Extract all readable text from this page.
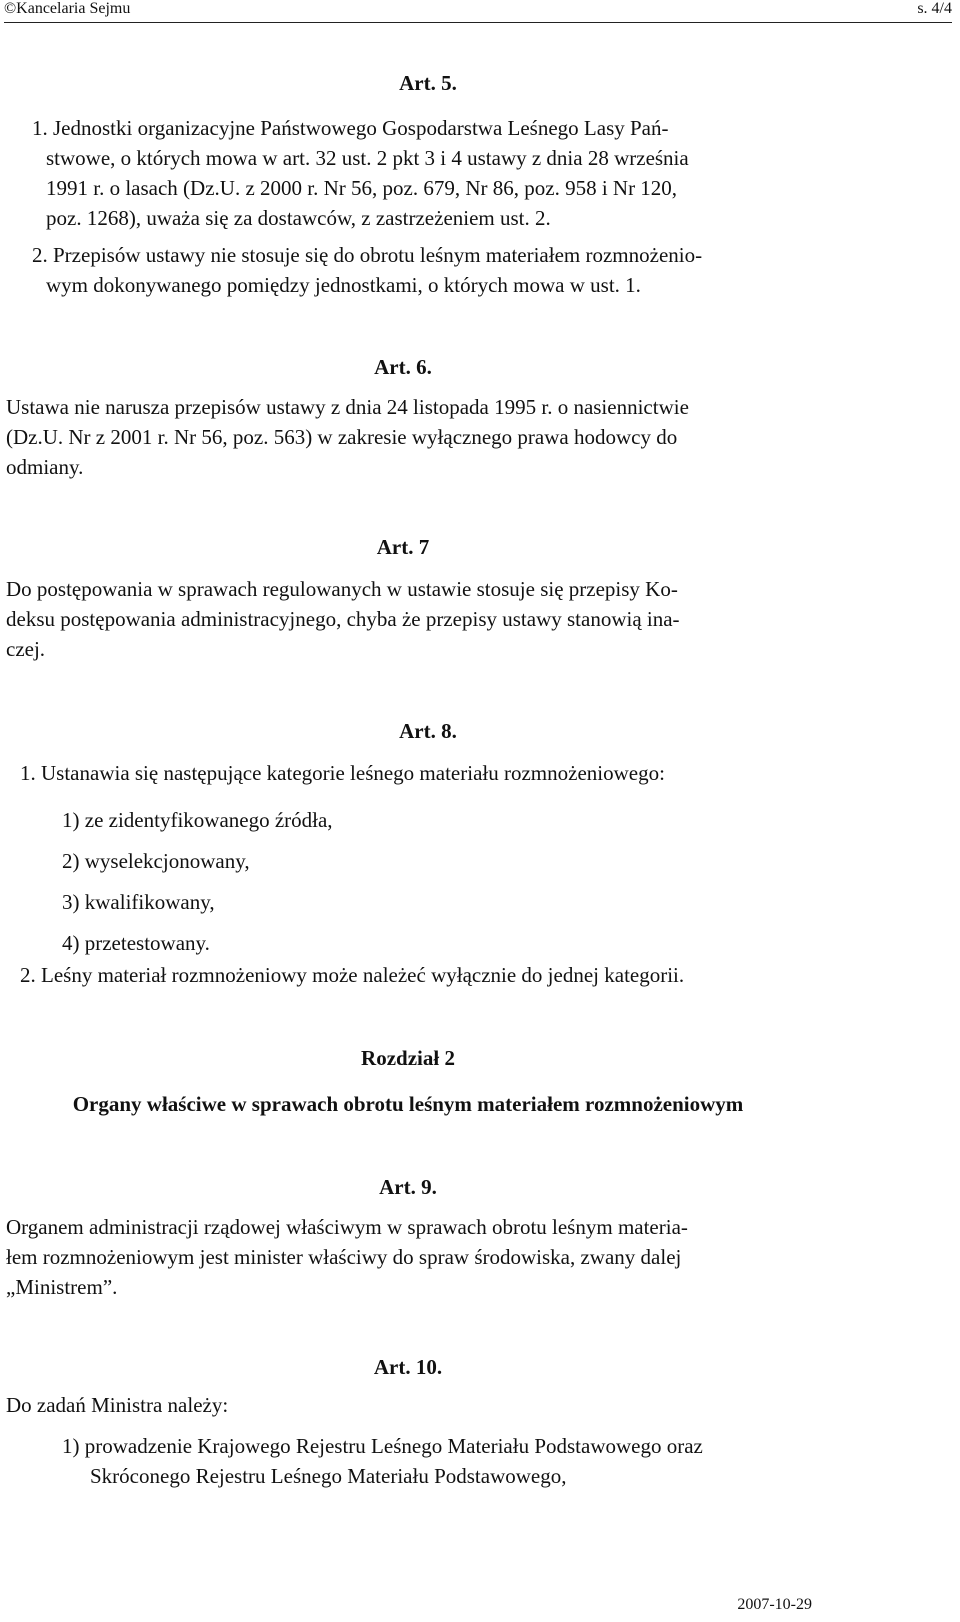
©Kancelaria Sejmu	s. 4/4
Art. 5.
1. Jednostki organizacyjne Państwowego Gospodarstwa Leśnego Lasy Pań-
stwowe, o których mowa w art. 32 ust. 2 pkt 3 i 4 ustawy z dnia 28 września
1991 r. o lasach (Dz.U. z 2000 r. Nr 56, poz. 679, Nr 86, poz. 958 i Nr 120,
poz. 1268), uważa się za dostawców, z zastrzeżeniem ust. 2.
2. Przepisów ustawy nie stosuje się do obrotu leśnym materiałem rozmnożenio-
wym dokonywanego pomiędzy jednostkami, o których mowa w ust. 1.
Art. 6.
Ustawa nie narusza przepisów ustawy z dnia 24 listopada 1995 r. o nasiennictwie
(Dz.U. Nr z 2001 r. Nr 56, poz. 563) w zakresie wyłącznego prawa hodowcy do
odmiany.
Art. 7
Do postępowania w sprawach regulowanych w ustawie stosuje się przepisy Ko-
deksu postępowania administracyjnego, chyba że przepisy ustawy stanowią ina-
czej.
Art. 8.
1. Ustanawia się następujące kategorie leśnego materiału rozmnożeniowego:
1) ze zidentyfikowanego źródła,
2) wyselekcjonowany,
3) kwalifikowany,
4) przetestowany.
2. Leśny materiał rozmnożeniowy może należeć wyłącznie do jednej kategorii.
Rozdział 2
Organy właściwe w sprawach obrotu leśnym materiałem rozmnożeniowym
Art. 9.
Organem administracji rządowej właściwym w sprawach obrotu leśnym materia-
łem rozmnożeniowym jest minister właściwy do spraw środowiska, zwany dalej
„Ministrem”.
Art. 10.
Do zadań Ministra należy:
1) prowadzenie Krajowego Rejestru Leśnego Materiału Podstawowego oraz
Skróconego Rejestru Leśnego Materiału Podstawowego,
2007-10-29
